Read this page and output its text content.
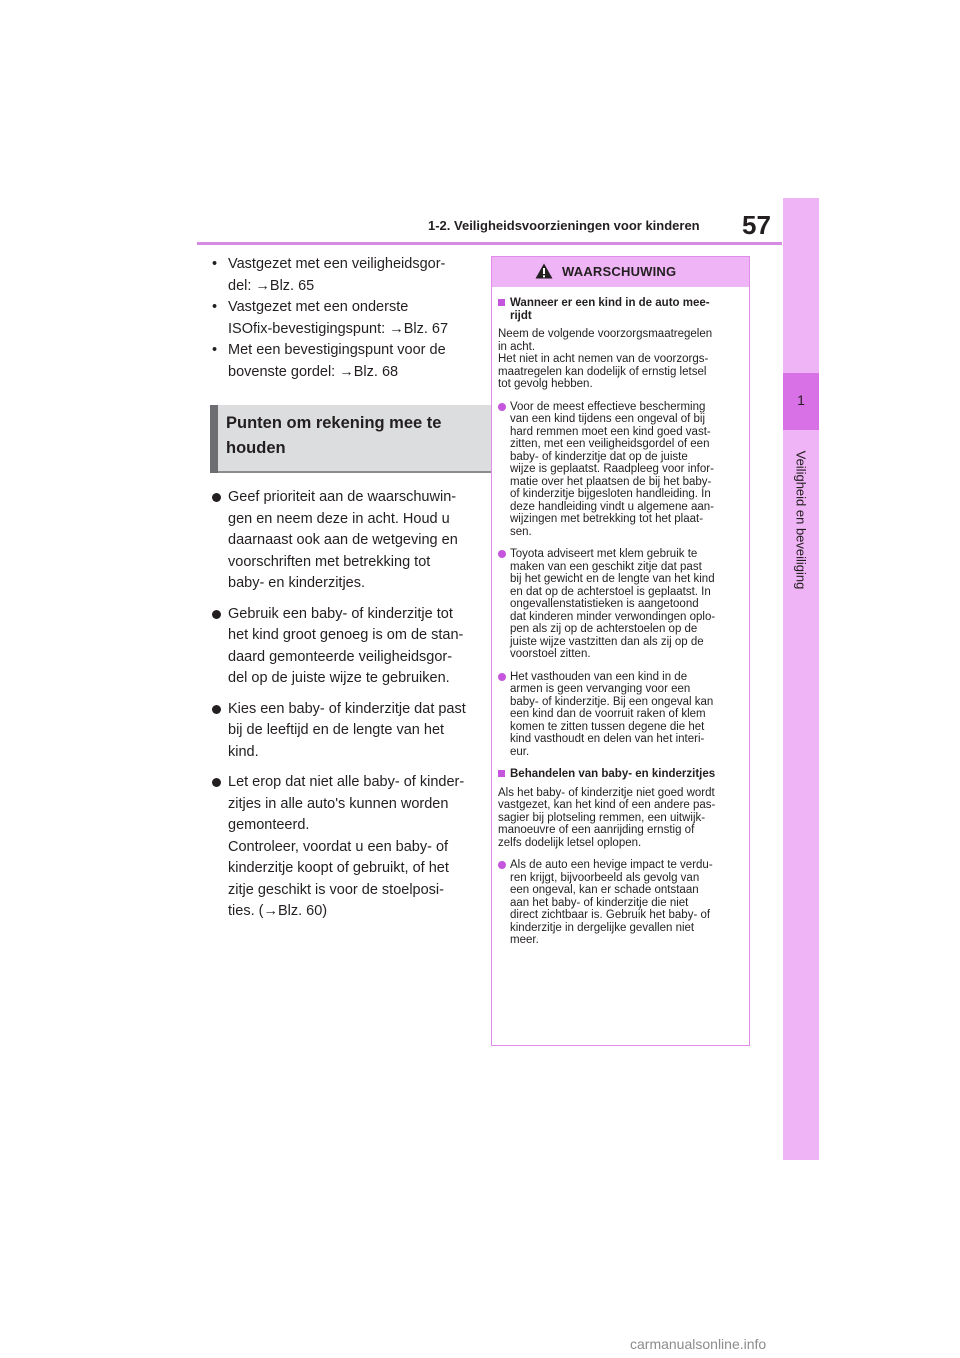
1
Veiligheid en beveiliging
1-2. Veiligheidsvoorzieningen voor kinderen 57
• Vastgezet met een veiligheidsgor-
del: →Blz. 65
• Vastgezet met een onderste
ISOfix-bevestigingspunt: →Blz. 67
• Met een bevestigingspunt voor de
bovenste gordel: →Blz. 68
Punten om rekening mee te
houden
Geef prioriteit aan de waarschuwin-
gen en neem deze in acht. Houd u
daarnaast ook aan de wetgeving en
voorschriften met betrekking tot
baby- en kinderzitjes.
Gebruik een baby- of kinderzitje tot
het kind groot genoeg is om de stan-
daard gemonteerde veiligheidsgor-
del op de juiste wijze te gebruiken.
Kies een baby- of kinderzitje dat past
bij de leeftijd en de lengte van het
kind.
Let erop dat niet alle baby- of kinder-
zitjes in alle auto's kunnen worden
gemonteerd.
Controleer, voordat u een baby- of
kinderzitje koopt of gebruikt, of het
zitje geschikt is voor de stoelposi-
ties. (→Blz. 60)
WAARSCHUWING
Wanneer er een kind in de auto mee-
rijdt
Neem de volgende voorzorgsmaatregelen
in acht.
Het niet in acht nemen van de voorzorgs-
maatregelen kan dodelijk of ernstig letsel
tot gevolg hebben.
Voor de meest effectieve bescherming
van een kind tijdens een ongeval of bij
hard remmen moet een kind goed vast-
zitten, met een veiligheidsgordel of een
baby- of kinderzitje dat op de juiste
wijze is geplaatst. Raadpleeg voor infor-
matie over het plaatsen de bij het baby-
of kinderzitje bijgesloten handleiding. In
deze handleiding vindt u algemene aan-
wijzingen met betrekking tot het plaat-
sen.
Toyota adviseert met klem gebruik te
maken van een geschikt zitje dat past
bij het gewicht en de lengte van het kind
en dat op de achterstoel is geplaatst. In
ongevallenstatistieken is aangetoond
dat kinderen minder verwondingen oplo-
pen als zij op de achterstoelen op de
juiste wijze vastzitten dan als zij op de
voorstoel zitten.
Het vasthouden van een kind in de
armen is geen vervanging voor een
baby- of kinderzitje. Bij een ongeval kan
een kind dan de voorruit raken of klem
komen te zitten tussen degene die het
kind vasthoudt en delen van het interi-
eur.
Behandelen van baby- en kinderzitjes
Als het baby- of kinderzitje niet goed wordt
vastgezet, kan het kind of een andere pas-
sagier bij plotseling remmen, een uitwijk-
manoeuvre of een aanrijding ernstig of
zelfs dodelijk letsel oplopen.
Als de auto een hevige impact te verdu-
ren krijgt, bijvoorbeeld als gevolg van
een ongeval, kan er schade ontstaan
aan het baby- of kinderzitje die niet
direct zichtbaar is. Gebruik het baby- of
kinderzitje in dergelijke gevallen niet
meer.
carmanualsonline.info
